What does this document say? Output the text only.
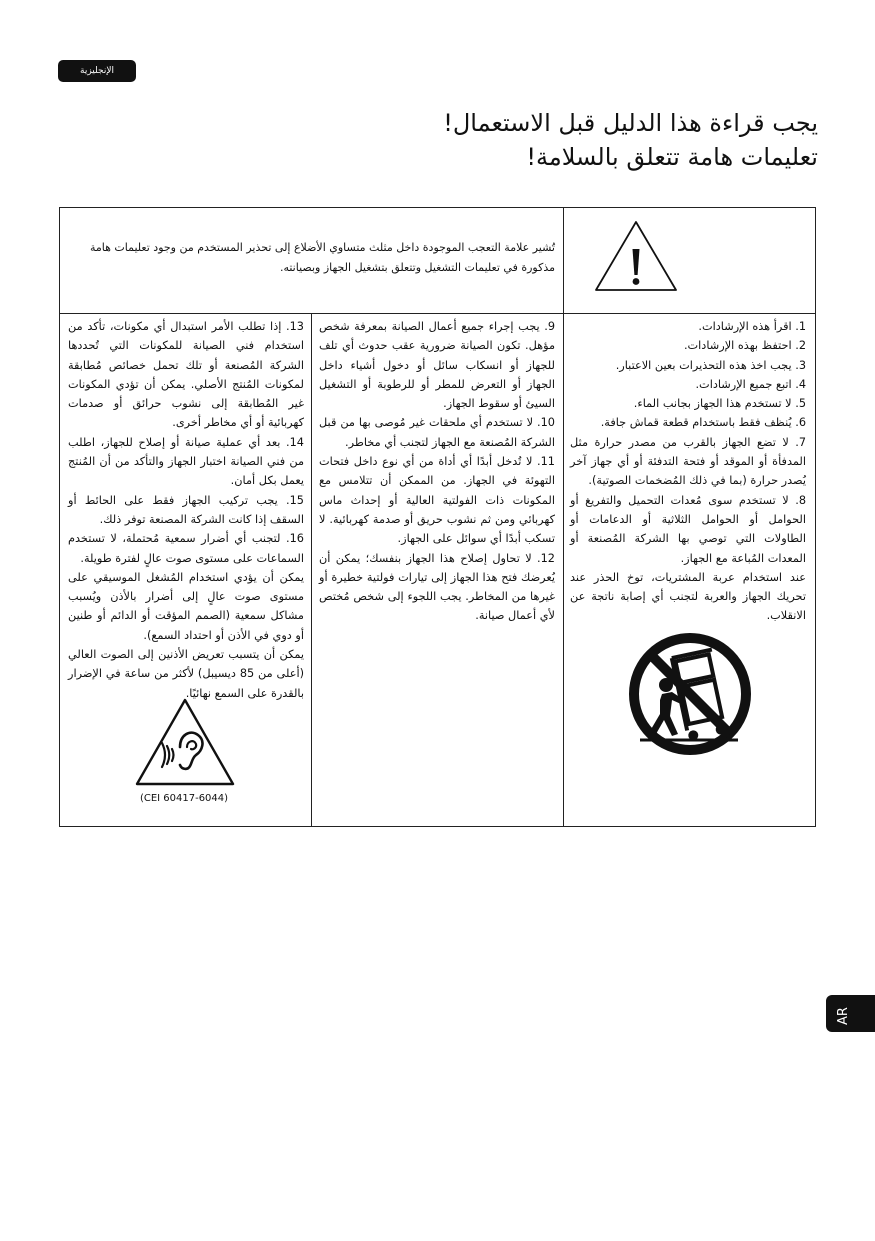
الإنجليزية
يجب قراءة هذا الدليل قبل الاستعمال!
تعليمات هامة تتعلق بالسلامة!
تُشير علامة التعجب الموجودة داخل مثلث متساوي الأضلاع إلى تحذير المستخدم من وجود تعليمات هامة مذكورة في تعليمات التشغيل وتتعلق بتشغيل الجهاز وبصيانته.

1. اقرأ هذه الإرشادات.

2. احتفظ بهذه الإرشادات.

3. يجب اخذ هذه التحذيرات بعين الاعتبار.

4. اتبع جميع الإرشادات.

5. لا تستخدم هذا الجهاز بجانب الماء.

6. يُنظف فقط باستخدام قطعة قماش جافة.

7. لا تضع الجهاز بالقرب من مصدر حرارة مثل المدفأة أو الموقد أو فتحة التدفئة أو أي جهاز آخر يُصدر حرارة (بما في ذلك المُضخمات الصوتية).

8. لا تستخدم سوى مُعدات التحميل والتفريغ أو الحوامل أو الحوامل الثلاثية أو الدعامات أو الطاولات التي توصي بها الشركة المُصنعة أو المعدات المُباعة مع الجهاز.

عند استخدام عربة المشتريات، توخ الحذر عند تحريك الجهاز والعربة لتجنب أي إصابة ناتجة عن الانقلاب.

9. يجب إجراء جميع أعمال الصيانة بمعرفة شخص مؤهل. تكون الصيانة ضرورية عقب حدوث أي تلف للجهاز أو انسكاب سائل أو دخول أشياء داخل الجهاز أو التعرض للمطر أو للرطوبة أو التشغيل السيئ أو سقوط الجهاز.

10. لا تستخدم أي ملحقات غير مُوصى بها من قبل الشركة المُصنعة مع الجهاز لتجنب أي مخاطر.

11. لا تُدخل أبدًا أي أداة من أي نوع داخل فتحات التهوئة في الجهاز. من الممكن أن تتلامس مع المكونات ذات الفولتية العالية أو إحداث ماس كهربائي ومن ثم نشوب حريق أو صدمة كهربائية. لا تسكب أبدًا أي سوائل على الجهاز.

12. لا تحاول إصلاح هذا الجهاز بنفسك؛ يمكن أن يُعرضك فتح هذا الجهاز إلى تيارات فولتية خطيرة أو غيرها من المخاطر. يجب اللجوء إلى شخص مُختص لأي أعمال صيانة.

13. إذا تطلب الأمر استبدال أي مكونات، تأكد من استخدام فني الصيانة للمكونات التي تُحددها الشركة المُصنعة أو تلك تحمل خصائص مُطابقة لمكونات المُنتج الأصلي. يمكن أن تؤدي المكونات غير المُطابقة إلى نشوب حرائق أو صدمات كهربائية أو أي مخاطر أخرى.

14. بعد أي عملية صيانة أو إصلاح للجهاز، اطلب من فني الصيانة اختبار الجهاز والتأكد من أن المُنتج يعمل بكل أمان.

15. يجب تركيب الجهاز فقط على الحائط أو السقف إذا كانت الشركة المصنعة توفر ذلك.

16. لتجنب أي أضرار سمعية مُحتملة، لا تستخدم السماعات على مستوى صوت عالٍ لفترة طويلة.

يمكن أن يؤدي استخدام المُشغل الموسيقي على مستوى صوت عالٍ إلى أضرار بالأذن ويُسبب مشاكل سمعية (الصمم المؤقت أو الدائم أو طنين أو دوي في الأذن أو احتداد السمع).

يمكن أن يتسبب تعريض الأذنين إلى الصوت العالي (أعلى من 85 ديسيبل) لأكثر من ساعة في الإضرار بالقدرة على السمع نهائيًا.

(CEI 60417-6044)
AR
